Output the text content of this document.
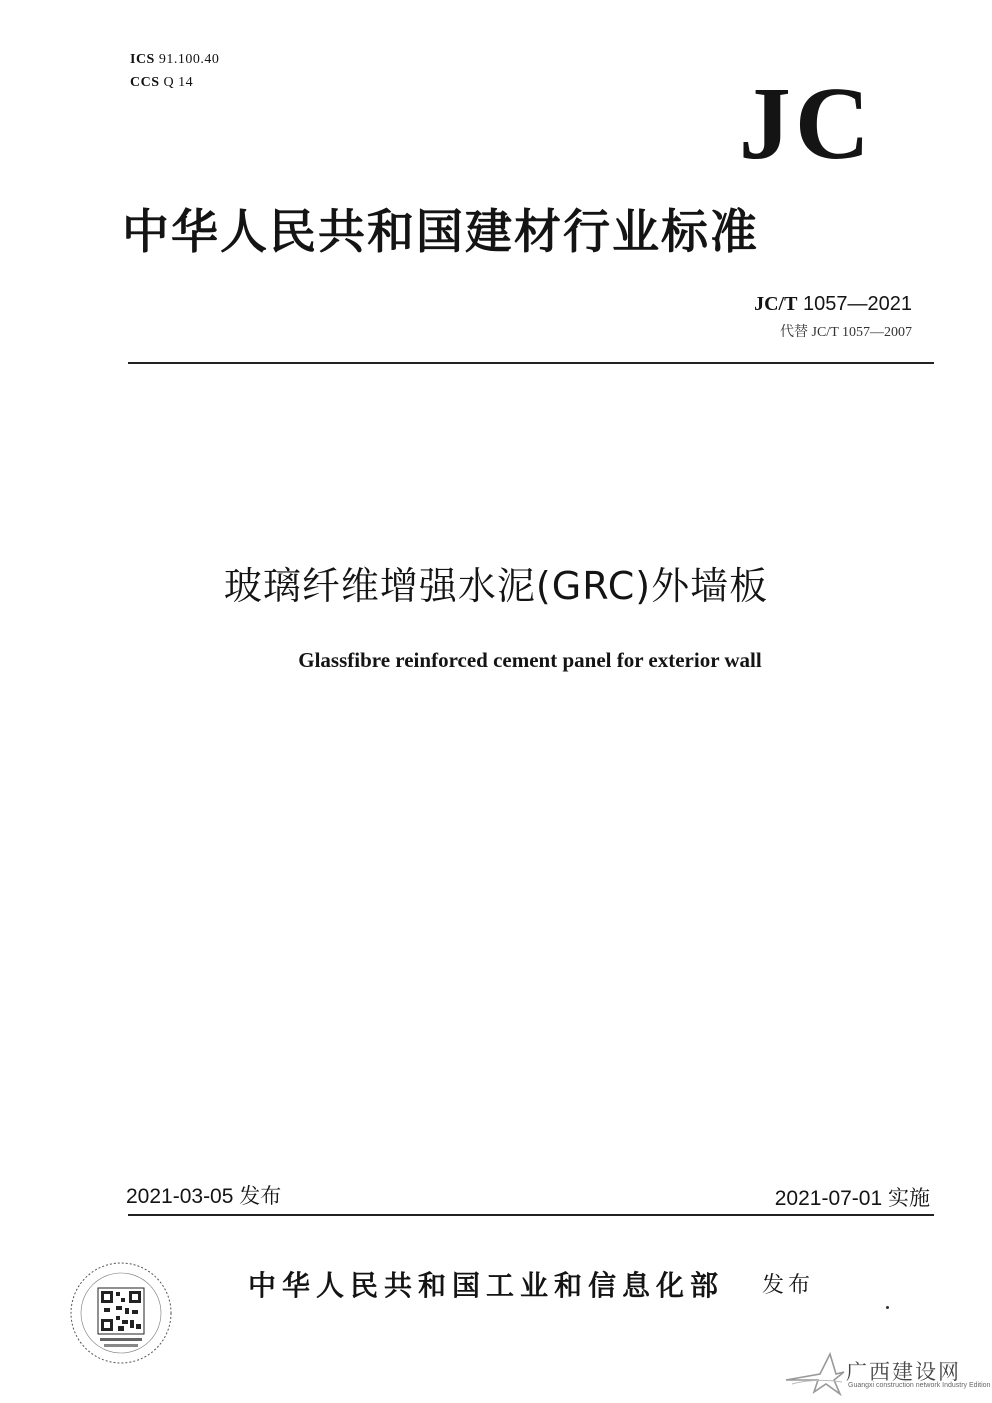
ICS 91.100.40
CCS Q 14	JC
中华人民共和国建材行业标准
JC/T 1057—2021
代替 JC/T 1057—2007
玻璃纤维增强水泥(GRC)外墙板
Glassfibre reinforced cement panel for exterior wall
2021-03-05 发布	2021-07-01 实施
中华人民共和国工业和信息化部 发布
广西建设网
Guangxi construction network Industry Edition
